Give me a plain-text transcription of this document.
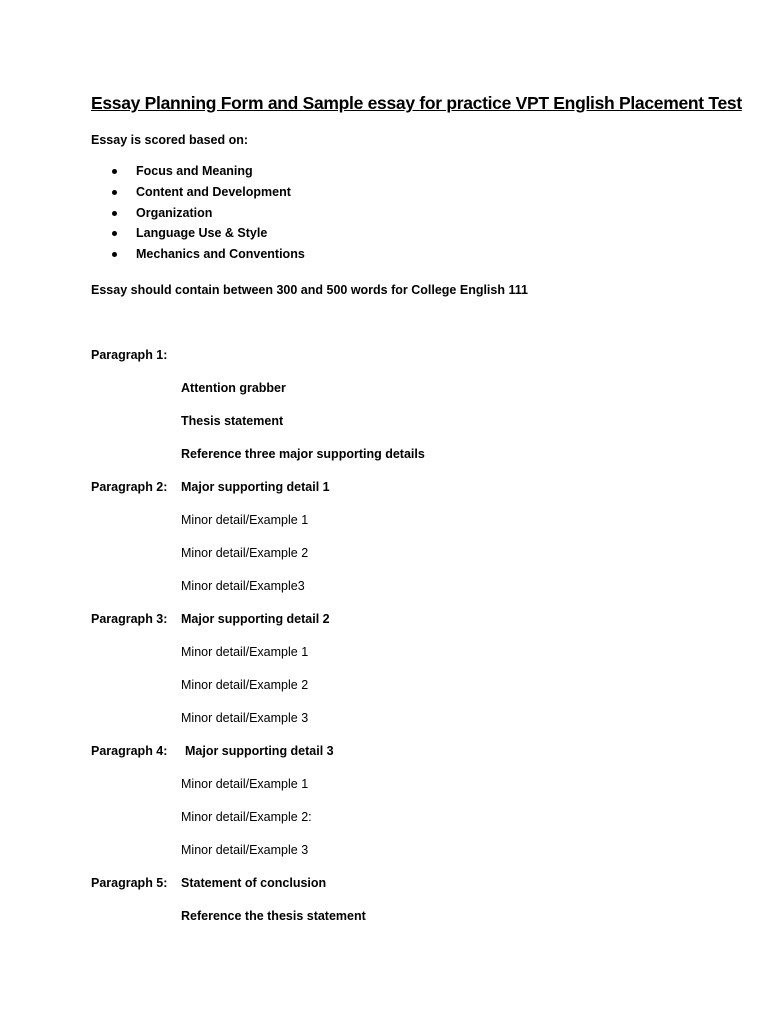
Essay Planning Form and Sample essay for practice VPT English Placement Test
Essay is scored based on:
Focus and Meaning
Content and Development
Organization
Language Use & Style
Mechanics and Conventions
Essay should contain between 300 and 500 words for College English 111
Paragraph 1:
Attention grabber
Thesis statement
Reference three major supporting details
Paragraph 2: Major supporting detail 1
Minor detail/Example 1
Minor detail/Example 2
Minor detail/Example3
Paragraph 3: Major supporting detail 2
Minor detail/Example 1
Minor detail/Example 2
Minor detail/Example 3
Paragraph 4: Major supporting detail 3
Minor detail/Example 1
Minor detail/Example 2:
Minor detail/Example 3
Paragraph 5: Statement of conclusion
Reference the thesis statement
